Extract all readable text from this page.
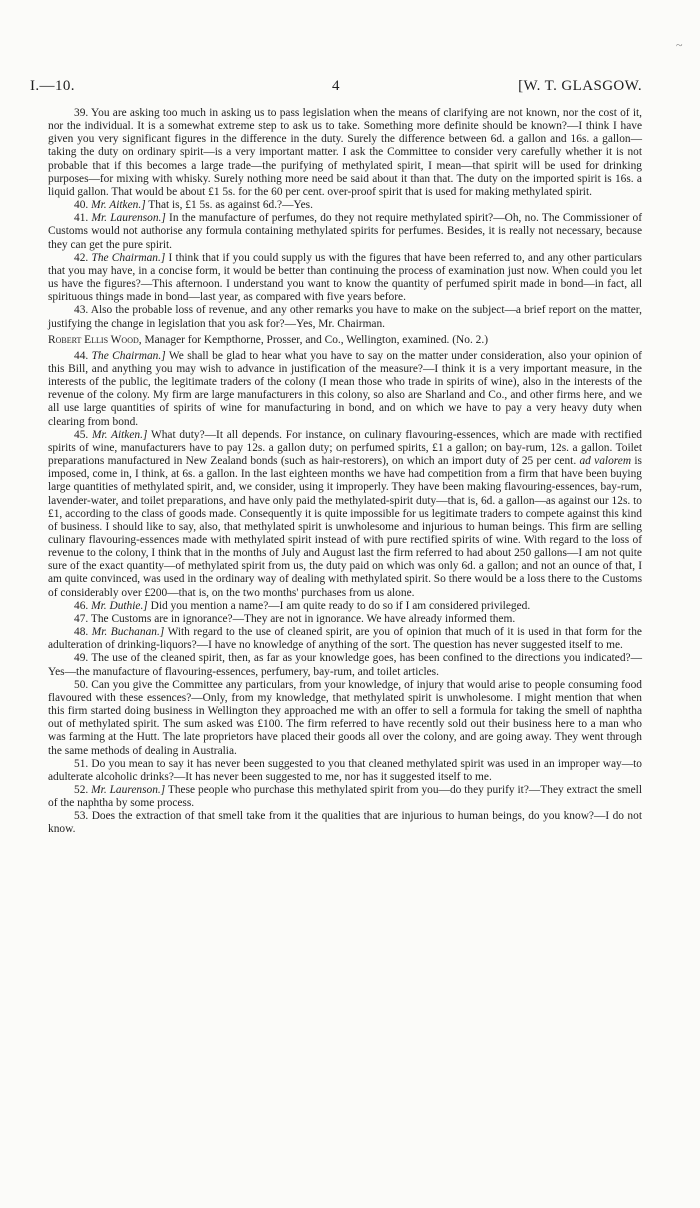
I.—10.	4	[W. T. GLASGOW.
~

39. You are asking too much in asking us to pass legislation when the means of clarifying are not known, nor the cost of it, nor the individual. It is a somewhat extreme step to ask us to take. Something more definite should be known?—I think I have given you very significant figures in the difference in the duty. Surely the difference between 6d. a gallon and 16s. a gallon—taking the duty on ordinary spirit—is a very important matter. I ask the Committee to consider very carefully whether it is not probable that if this becomes a large trade—the purifying of methylated spirit, I mean—that spirit will be used for drinking purposes—for mixing with whisky. Surely nothing more need be said about it than that. The duty on the imported spirit is 16s. a liquid gallon. That would be about £1 5s. for the 60 per cent. over-proof spirit that is used for making methylated spirit.

40. Mr. Aitken.] That is, £1 5s. as against 6d.?—Yes.

41. Mr. Laurenson.] In the manufacture of perfumes, do they not require methylated spirit?—Oh, no. The Commissioner of Customs would not authorise any formula containing methylated spirits for perfumes. Besides, it is really not necessary, because they can get the pure spirit.

42. The Chairman.] I think that if you could supply us with the figures that have been referred to, and any other particulars that you may have, in a concise form, it would be better than continuing the process of examination just now. When could you let us have the figures?—This afternoon. I understand you want to know the quantity of perfumed spirit made in bond—in fact, all spirituous things made in bond—last year, as compared with five years before.

43. Also the probable loss of revenue, and any other remarks you have to make on the subject—a brief report on the matter, justifying the change in legislation that you ask for?—Yes, Mr. Chairman.

Robert Ellis Wood, Manager for Kempthorne, Prosser, and Co., Wellington, examined. (No. 2.)

44. The Chairman.] We shall be glad to hear what you have to say on the matter under consideration, also your opinion of this Bill, and anything you may wish to advance in justification of the measure?—I think it is a very important measure, in the interests of the public, the legitimate traders of the colony (I mean those who trade in spirits of wine), also in the interests of the revenue of the colony. My firm are large manufacturers in this colony, so also are Sharland and Co., and other firms here, and we all use large quantities of spirits of wine for manufacturing in bond, and on which we have to pay a very heavy duty when clearing from bond.

45. Mr. Aitken.] What duty?—It all depends. For instance, on culinary flavouring-essences, which are made with rectified spirits of wine, manufacturers have to pay 12s. a gallon duty; on perfumed spirits, £1 a gallon; on bay-rum, 12s. a gallon. Toilet preparations manufactured in New Zealand bonds (such as hair-restorers), on which an import duty of 25 per cent. ad valorem is imposed, come in, I think, at 6s. a gallon. In the last eighteen months we have had competition from a firm that have been buying large quantities of methylated spirit, and, we consider, using it improperly. They have been making flavouring-essences, bay-rum, lavender-water, and toilet preparations, and have only paid the methylated-spirit duty—that is, 6d. a gallon—as against our 12s. to £1, according to the class of goods made. Consequently it is quite impossible for us legitimate traders to compete against this kind of business. I should like to say, also, that methylated spirit is unwholesome and injurious to human beings. This firm are selling culinary flavouring-essences made with methylated spirit instead of with pure rectified spirits of wine. With regard to the loss of revenue to the colony, I think that in the months of July and August last the firm referred to had about 250 gallons—I am not quite sure of the exact quantity—of methylated spirit from us, the duty paid on which was only 6d. a gallon; and not an ounce of that, I am quite convinced, was used in the ordinary way of dealing with methylated spirit. So there would be a loss there to the Customs of considerably over £200—that is, on the two months' purchases from us alone.

46. Mr. Duthie.] Did you mention a name?—I am quite ready to do so if I am considered privileged.

47. The Customs are in ignorance?—They are not in ignorance. We have already informed them.

48. Mr. Buchanan.] With regard to the use of cleaned spirit, are you of opinion that much of it is used in that form for the adulteration of drinking-liquors?—I have no knowledge of anything of the sort. The question has never suggested itself to me.

49. The use of the cleaned spirit, then, as far as your knowledge goes, has been confined to the directions you indicated?—Yes—the manufacture of flavouring-essences, perfumery, bay-rum, and toilet articles.

50. Can you give the Committee any particulars, from your knowledge, of injury that would arise to people consuming food flavoured with these essences?—Only, from my knowledge, that methylated spirit is unwholesome. I might mention that when this firm started doing business in Wellington they approached me with an offer to sell a formula for taking the smell of naphtha out of methylated spirit. The sum asked was £100. The firm referred to have recently sold out their business here to a man who was farming at the Hutt. The late proprietors have placed their goods all over the colony, and are going away. They went through the same methods of dealing in Australia.

51. Do you mean to say it has never been suggested to you that cleaned methylated spirit was used in an improper way—to adulterate alcoholic drinks?—It has never been suggested to me, nor has it suggested itself to me.

52. Mr. Laurenson.] These people who purchase this methylated spirit from you—do they purify it?—They extract the smell of the naphtha by some process.

53. Does the extraction of that smell take from it the qualities that are injurious to human beings, do you know?—I do not know.
